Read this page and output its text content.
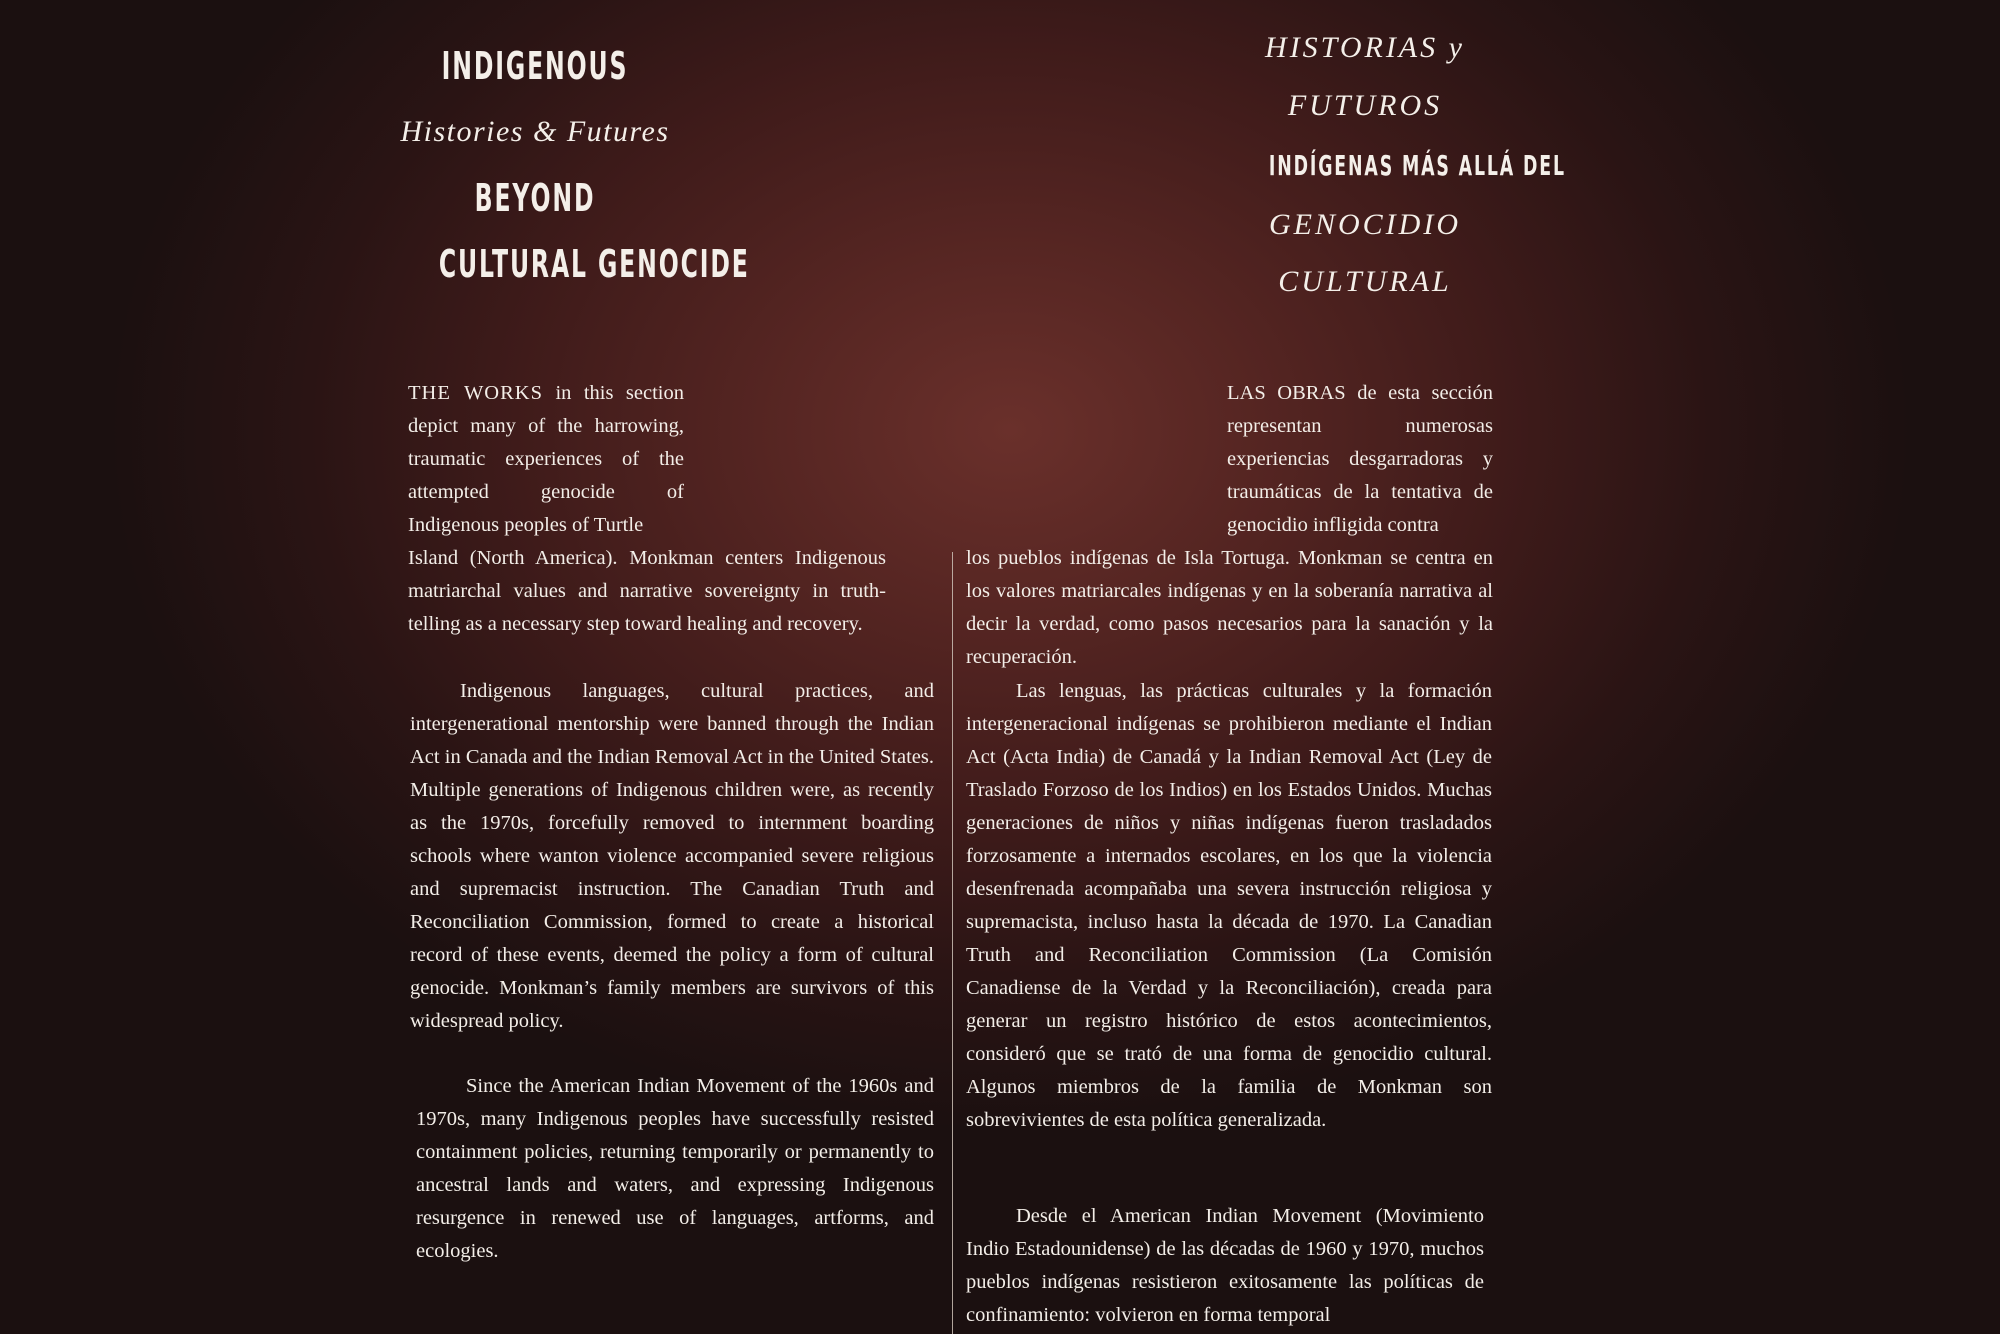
INDIGENOUS
Histories & Futures
BEYOND
CULTURAL GENOCIDE
HISTORIAS y
FUTUROS
INDÍGENAS MÁS ALLÁ DEL
GENOCIDIO
CULTURAL

THE WORKS in this section depict many of the harrowing, traumatic experiences of the attempted genocide of Indigenous peoples of Turtle

Island (North America). Monkman centers Indigenous matriarchal values and narrative sovereignty in truth-telling as a necessary step toward healing and recovery.

Indigenous languages, cultural practices, and intergenerational mentorship were banned through the Indian Act in Canada and the Indian Removal Act in the United States. Multiple generations of Indigenous children were, as recently as the 1970s, forcefully removed to internment boarding schools where wanton violence accompanied severe religious and supremacist instruction. The Canadian Truth and Reconciliation Commission, formed to create a historical record of these events, deemed the policy a form of cultural genocide. Monkman’s family members are survivors of this widespread policy.

Since the American Indian Movement of the 1960s and 1970s, many Indigenous peoples have successfully resisted containment policies, returning temporarily or permanently to ancestral lands and waters, and expressing Indigenous resurgence in renewed use of languages, artforms, and ecologies.

LAS OBRAS de esta sección representan numerosas experiencias desgarradoras y traumáticas de la tentativa de genocidio infligida contra

los pueblos indígenas de Isla Tortuga. Monkman se centra en los valores matriarcales indígenas y en la soberanía narrativa al decir la verdad, como pasos necesarios para la sanación y la recuperación.

Las lenguas, las prácticas culturales y la formación intergeneracional indígenas se prohibieron mediante el Indian Act (Acta India) de Canadá y la Indian Removal Act (Ley de Traslado Forzoso de los Indios) en los Estados Unidos. Muchas generaciones de niños y niñas indígenas fueron trasladados forzosamente a internados escolares, en los que la violencia desenfrenada acompañaba una severa instrucción religiosa y supremacista, incluso hasta la década de 1970. La Canadian Truth and Reconciliation Commission (La Comisión Canadiense de la Verdad y la Reconciliación), creada para generar un registro histórico de estos acontecimientos, consideró que se trató de una forma de genocidio cultural. Algunos miembros de la familia de Monkman son sobrevivientes de esta política generalizada.

Desde el American Indian Movement (Movimiento Indio Estadounidense) de las décadas de 1960 y 1970, muchos pueblos indígenas resistieron exitosamente las políticas de confinamiento: volvieron en forma temporal
